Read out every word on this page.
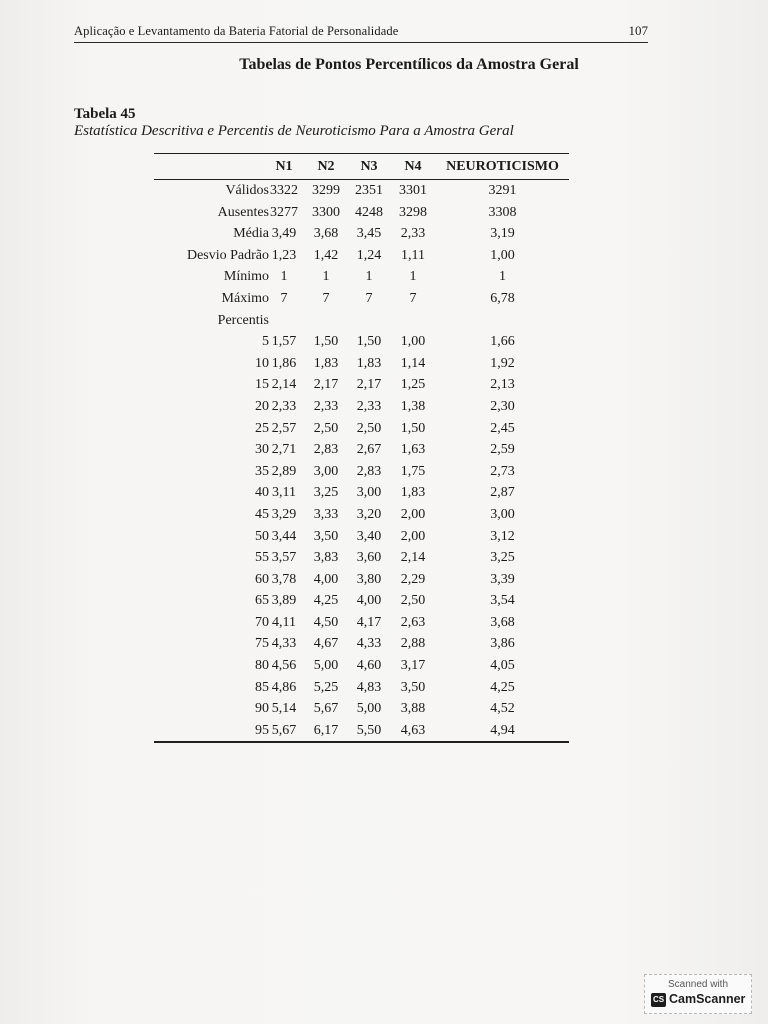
Aplicação e Levantamento da Bateria Fatorial de Personalidade	107
Tabelas de Pontos Percentílicos da Amostra Geral
Tabela 45
Estatística Descritiva e Percentis de Neuroticismo Para a Amostra Geral
N1	N2	N3	N4	NEUROTICISMO
Válidos 3322	3299	2351	3301	3291
Ausentes 3277	3300	4248	3298	3308
Média 3,49	3,68	3,45	2,33	3,19
Desvio Padrão 1,23	1,42	1,24	1,11	1,00
Mínimo 1	1	1	1	1
Máximo 7	7	7	7	6,78
Percentis
5 1,57	1,50	1,50	1,00	1,66
10 1,86	1,83	1,83	1,14	1,92
15 2,14	2,17	2,17	1,25	2,13
20 2,33	2,33	2,33	1,38	2,30
25 2,57	2,50	2,50	1,50	2,45
30 2,71	2,83	2,67	1,63	2,59
35 2,89	3,00	2,83	1,75	2,73
40 3,11	3,25	3,00	1,83	2,87
45 3,29	3,33	3,20	2,00	3,00
50 3,44	3,50	3,40	2,00	3,12
55 3,57	3,83	3,60	2,14	3,25
60 3,78	4,00	3,80	2,29	3,39
65 3,89	4,25	4,00	2,50	3,54
70 4,11	4,50	4,17	2,63	3,68
75 4,33	4,67	4,33	2,88	3,86
80 4,56	5,00	4,60	3,17	4,05
85 4,86	5,25	4,83	3,50	4,25
90 5,14	5,67	5,00	3,88	4,52
95 5,67	6,17	5,50	4,63	4,94
Scanned with
CS CamScanner
